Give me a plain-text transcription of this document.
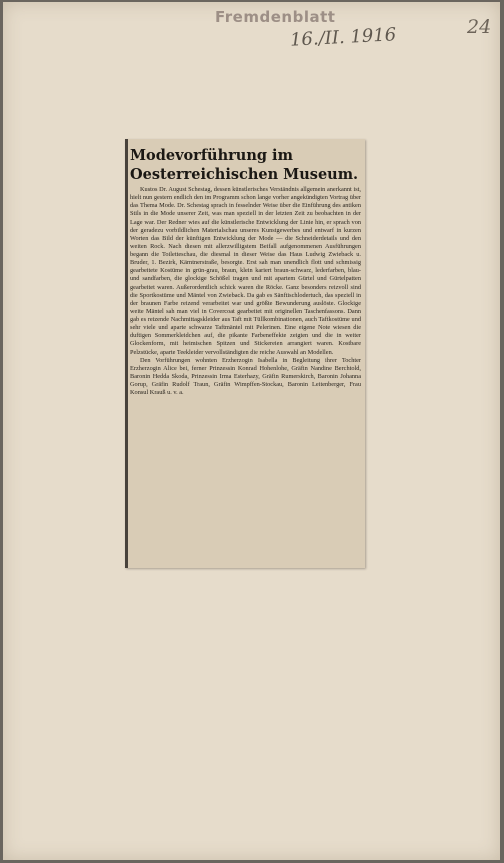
Fremdenblatt
16./II. 1916	24
Modevorführung im
Oesterreichischen Museum.

Kustos Dr. August Schestag, dessen künstlerisches Verständnis allgemein anerkannt ist, hielt nun gestern endlich den im Programm schon lange vorher angekündigten Vortrag über das Thema Mode. Dr. Schestag sprach in fesselnder Weise über die Einführung des antiken Stils in die Mode unserer Zeit, was man speziell in der letzten Zeit zu beobachten in der Lage war. Der Redner wies auf die künstlerische Entwicklung der Linie hin, er sprach von der geradezu vorbildlichen Materialschau unseres Kunstgewerbes und entwarf in kurzen Worten das Bild der künftigen Entwicklung der Mode — die Schneiderdetails und den weiten Rock. Nach diesen mit allerzwilligstem Beifall aufgenommenen Ausführungen begann die Toiletteschau, die diesmal in dieser Weise das Haus Ludwig Zwieback u. Bruder, 1. Bezirk, Kärntnerstraße, besorgte. Erst sah man unendlich flott und schmissig gearbeitete Kostüme in grün-grau, braun, klein kariert braun-schwarz, lederfarben, blau- und sandfarben, die glockige Schößel tragen und mit apartem Gürtel und Gürtelpatten gearbeitet waren. Außerordentlich schick waren die Röcke. Ganz besonders reizvoll sind die Sportkostüme und Mäntel von Zwieback. Da gab es Sänftischlodertuch, das speziell in der braunen Farbe reizend verarbeitet war und größte Bewunderung auslöste. Glockige weite Mäntel sah man viel in Covercoat gearbeitet mit originellen Taschenfassons. Dann gab es reizende Nachmittagskleider aus Taft mit Tüllkombinationen, auch Taftkostüme und sehr viele und aparte schwarze Taftmäntel mit Pelerinen. Eine eigene Note wiesen die duftigen Sommerkleidchen auf, die pikante Farbeneffekte zeigten und die in weiter Glockenform, mit heimischen Spitzen und Stickereien arrangiert waren. Kostbare Pelzstücke, aparte Teekleider vervollständigten die reiche Auswahl an Modellen.

Den Vorführungen wohnten Erzherzogin Isabella in Begleitung ihrer Tochter Erzherzogin Alice bei, ferner Prinzessin Konrad Hohenlohe, Gräfin Nandine Berchtold, Baronin Hedda Skoda, Prinzessin Irma Esterhazy, Gräfin Rumerskirch, Baronin Johanna Gorup, Gräfin Rudolf Traun, Gräfin Wimpffen-Stockau, Baronin Leitenberger, Frau Konsul Krauß u. v. a.
